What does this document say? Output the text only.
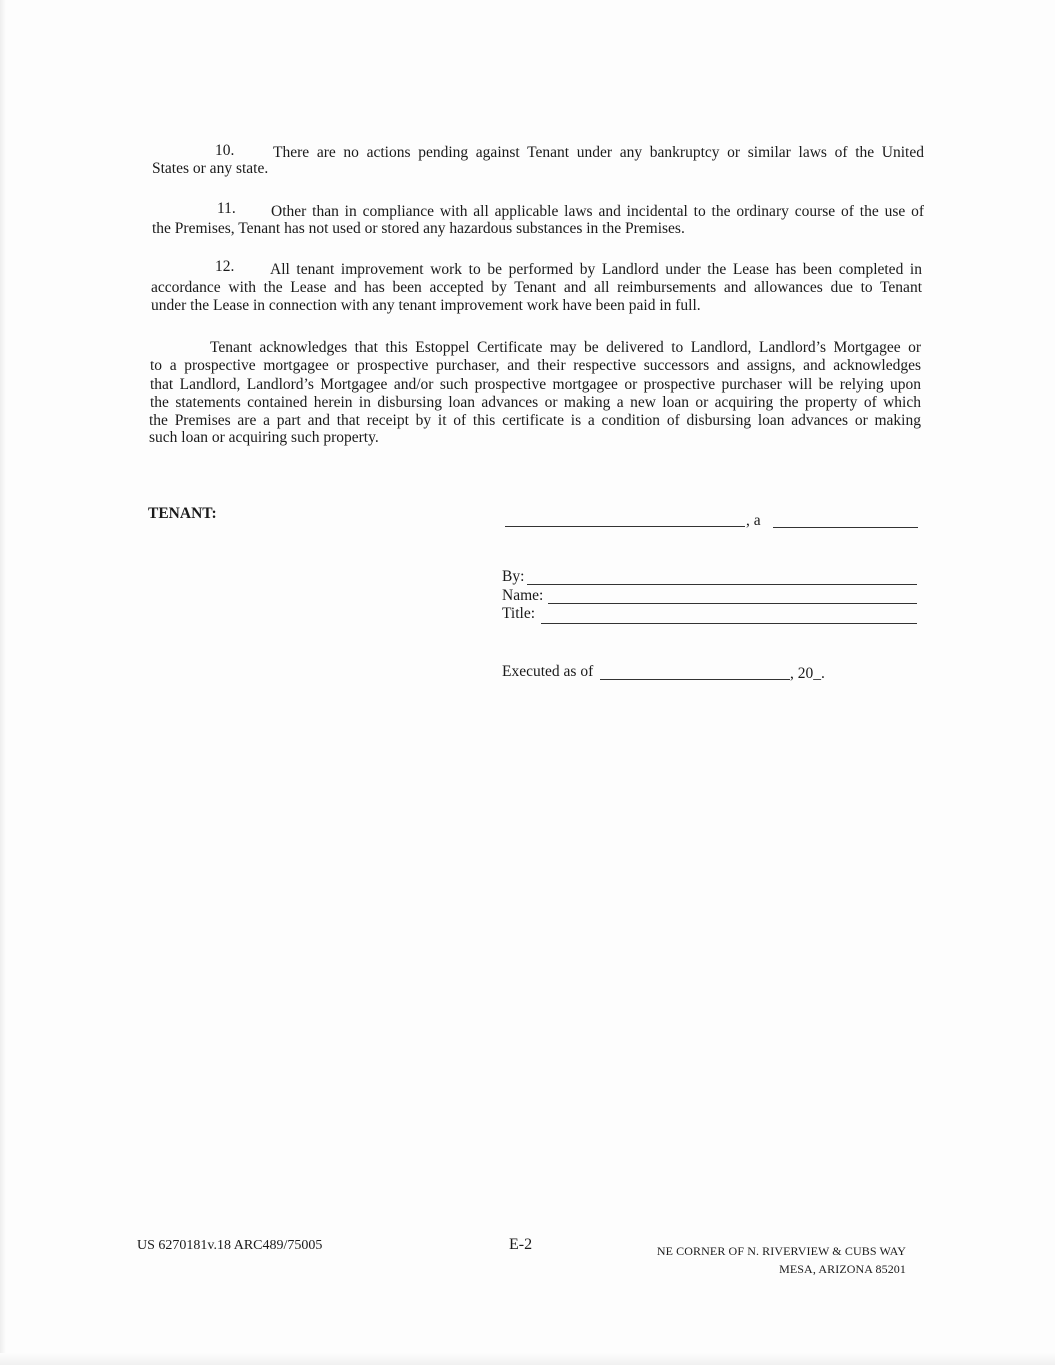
10. There are no actions pending against Tenant under any bankruptcy or similar laws of the United
States or any state.
11. Other than in compliance with all applicable laws and incidental to the ordinary course of the use of
the Premises, Tenant has not used or stored any hazardous substances in the Premises.
12. All tenant improvement work to be performed by Landlord under the Lease has been completed in
accordance with the Lease and has been accepted by Tenant and all reimbursements and allowances due to Tenant
under the Lease in connection with any tenant improvement work have been paid in full.
Tenant acknowledges that this Estoppel Certificate may be delivered to Landlord, Landlord’s Mortgagee or
to a prospective mortgagee or prospective purchaser, and their respective successors and assigns, and acknowledges
that Landlord, Landlord’s Mortgagee and/or such prospective mortgagee or prospective purchaser will be relying upon
the statements contained herein in disbursing loan advances or making a new loan or acquiring the property of which
the Premises are a part and that receipt by it of this certificate is a condition of disbursing loan advances or making
such loan or acquiring such property.
TENANT:	, a
By:
Name:
Title:
Executed as of	, 20_.
US 6270181v.18 ARC489/75005	E-2	NE CORNER OF N. RIVERVIEW & CUBS WAY
MESA, ARIZONA 85201
